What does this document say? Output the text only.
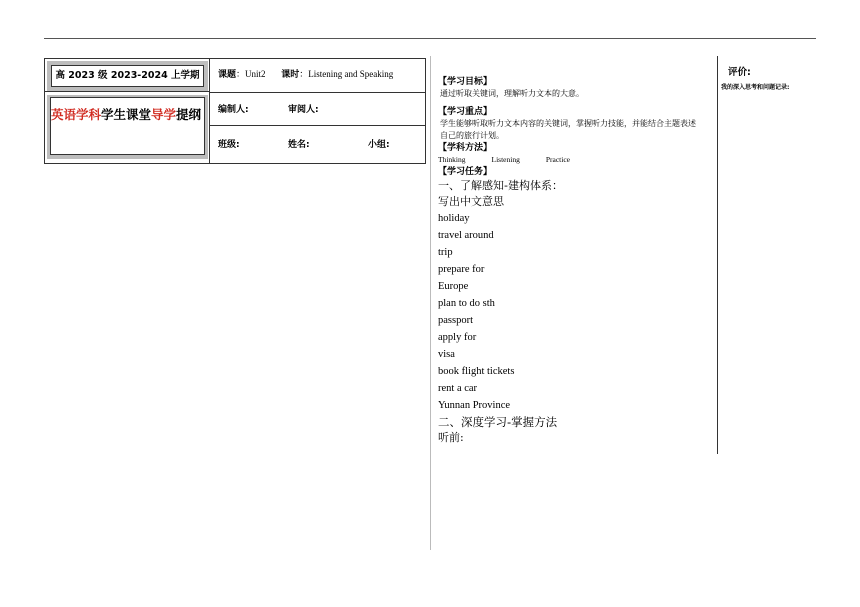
高 2023 级 2023-2024 上学期
英语学科学生课堂导学提纲
课题：Unit2 课时：Listening and Speaking
编制人:	审阅人:
班级:	姓名:	小组:
评价:
我的深入思考和问题记录:
【学习目标】
通过听取关键词，理解听力文本的大意。
【学习重点】
学生能够听取听力文本内容的关键词，掌握听力技能，并能结合主题表述自己的旅行计划。
【学科方法】
Thinking	Listening	Practice
【学习任务】
一、了解感知-建构体系：
写出中文意思
holiday
travel around
trip
prepare for
Europe
plan to do sth
passport
apply for
visa
book flight tickets
rent a car
Yunnan Province
二、深度学习-掌握方法
听前:
